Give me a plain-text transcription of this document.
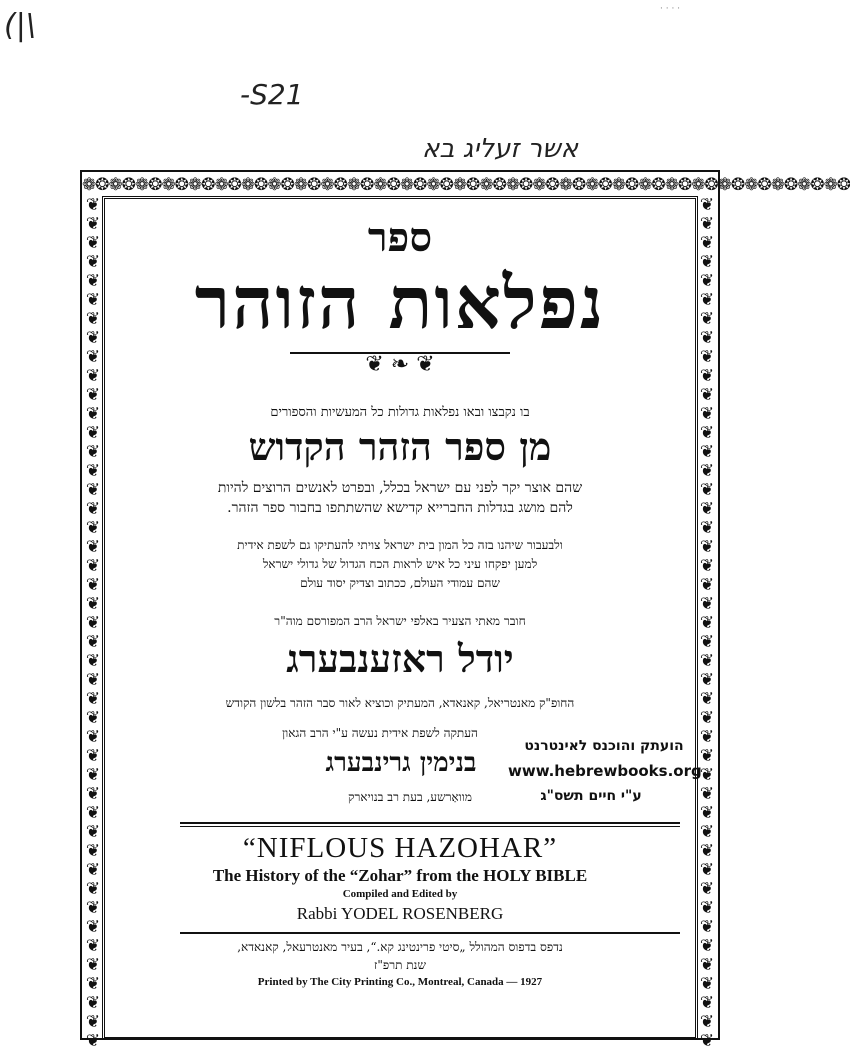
(|\	· · · ·
-S21
אשר זעליג בא
❁❂❁❂❁❂❁❂❁❂❁❂❁❂❁❂❁❂❁❂❁❂❁❂❁❂❁❂❁❂❁❂❁❂❁❂❁❂❁❂❁❂❁❂❁❂❁❂❁❂❁❂❁❂❁❂❁❂
❦
❦
❦
❦
❦
❦
❦
❦
❦
❦
❦
❦
❦
❦
❦
❦
❦
❦
❦
❦
❦
❦
❦
❦
❦
❦
❦
❦
❦
❦
❦
❦
❦
❦
❦
❦
❦
❦
❦
❦
❦
❦
❦
❦
❦
❦
❦
❦
❦
❦
❦
❦
❦
❦
❦
❦
❦
❦
❦
❦
❦
❦
❦
❦
❦
❦
❦
❦
❦
❦
❦
❦
❦
❦
❦
❦
❦
❦
❦
❦
❦
❦
❦
❦
❦
❦
❦
❦
❦
❦
ספר
נפלאות הזוהר
❦ ❧ ❦
בו נקבצו ובאו נפלאות גדולות כל המעשיות והספורים
מן ספר הזהר הקדוש
שהם אוצר יקר לפני עם ישראל בכלל, ובפרט לאנשים הרוצים להיות
להם מושג בגדלות החברייא קדישא שהשתתפו בחבור ספר הזהר.
ולבעבור שיהנו בזה כל המון בית ישראל צויתי להעתיקו גם לשפת אידית
למען יפקחו עיני כל איש לראות הכח הגדול של גדולי ישראל
שהם עמודי העולם, ככתוב וצדיק יסוד עולם
חובר מאתי הצעיר באלפי ישראל הרב המפורסם מוה"ר
יודל ראזענבערג
החופ"ק מאנטריאל, קאנאדא, המעתיק וכוציא לאור סבר הזהר בלשון הקודש
העתקה לשפת אידית נעשה ע"י הרב הגאון
בנימין גרינבערג
מוואַרשע, בעת רב בנויארק
הועתק והוכנס לאינטרנט
www.hebrewbooks.org
ע"י חיים תשס"ג
“NIFLOUS HAZOHAR”
The History of the “Zohar” from the HOLY BIBLE
Compiled and Edited by
Rabbi YODEL ROSENBERG
נדפס בדפוס המהולל „סיטי פרינטינג קא.“, בעיר מאנטרעאל, קאנאדא,
שנת תרפ"ז
Printed by The City Printing Co., Montreal, Canada — 1927
